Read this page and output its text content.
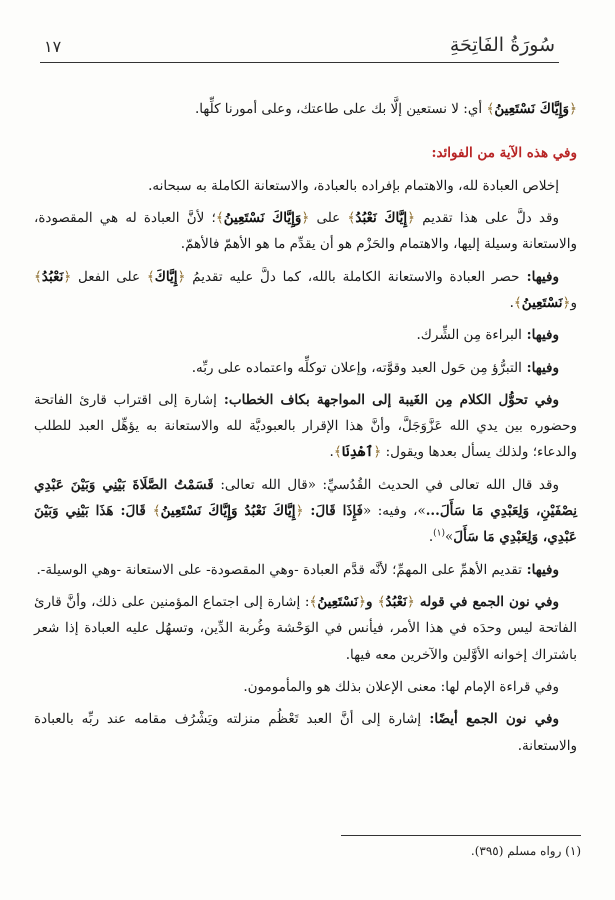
سُورَةُ الفَاتِحَةِ
١٧

﴿وَإِيَّاكَ نَسْتَعِينُ﴾ أي: لا نستعين إلَّا بك على طاعتك، وعلى أمورنا كلِّها.

وفي هذه الآية من الفوائد:

إخلاص العبادة لله، والاهتمام بإفراده بالعبادة، والاستعانة الكاملة به سبحانه.

وقد دلَّ على هذا تقديم ﴿إِيَّاكَ نَعْبُدُ﴾ على ﴿وَإِيَّاكَ نَسْتَعِينُ﴾؛ لأنَّ العبادة له هي المقصودة، والاستعانة وسيلة إليها، والاهتمام والحَزْم هو أن يقدِّم ما هو الأهمّ فالأهمّ.

وفيها: حصر العبادة والاستعانة الكاملة بالله، كما دلَّ عليه تقديمُ ﴿إِيَّاكَ﴾ على الفعل ﴿نَعْبُدُ﴾ و﴿نَسْتَعِينُ﴾.

وفيها: البراءة مِن الشِّرك.

وفيها: التبرُّؤ مِن حَول العبد وقوَّته، وإعلان توكلِّه واعتماده على ربِّه.

وفي تحوُّل الكلام مِن الغَيبة إلى المواجهة بكاف الخطاب: إشارة إلى اقتراب قارئ الفاتحة وحضوره بين يدي الله عَزَّوَجَلَّ، وأنَّ هذا الإقرار بالعبوديَّة لله والاستعانة به يؤهِّل العبد للطلب والدعاء؛ ولذلك يسأل بعدها ويقول: ﴿ٱهْدِنَا﴾.

وقد قال الله تعالى في الحديث القُدُسيِّ: «قال الله تعالى: قَسَمْتُ الصَّلَاةَ بَيْنِي وَبَيْنَ عَبْدِي نِصْفَيْنِ، وَلِعَبْدِي مَا سَأَلَ...»، وفيه: «فَإِذَا قَالَ: ﴿إِيَّاكَ نَعْبُدُ وَإِيَّاكَ نَسْتَعِينُ﴾ قَالَ: هَذَا بَيْنِي وَبَيْنَ عَبْدِي، وَلِعَبْدِي مَا سَأَلَ»$^{(١)}$.

وفيها: تقديم الأهمِّ على المهمِّ؛ لأنَّه قدَّم العبادة -وهي المقصودة- على الاستعانة -وهي الوسيلة-.

وفي نون الجمع في قوله ﴿نَعْبُدُ﴾ و﴿نَسْتَعِينُ﴾: إشارة إلى اجتماع المؤمنين على ذلك، وأنَّ قارئ الفاتحة ليس وحدَه في هذا الأمر، فيأنس في الوَحْشة وغُربة الدِّين، وتسهُل عليه العبادة إذا شعر باشتراك إخوانه الأوَّلين والآخرين معه فيها.

وفي قراءة الإمام لها: معنى الإعلان بذلك هو والمأمومون.

وفي نون الجمع أيضًا: إشارة إلى أنَّ العبد تَعْظُم منزلته ويَشْرُف مقامه عند ربِّه بالعبادة والاستعانة.

(١) رواه مسلم (٣٩٥).
